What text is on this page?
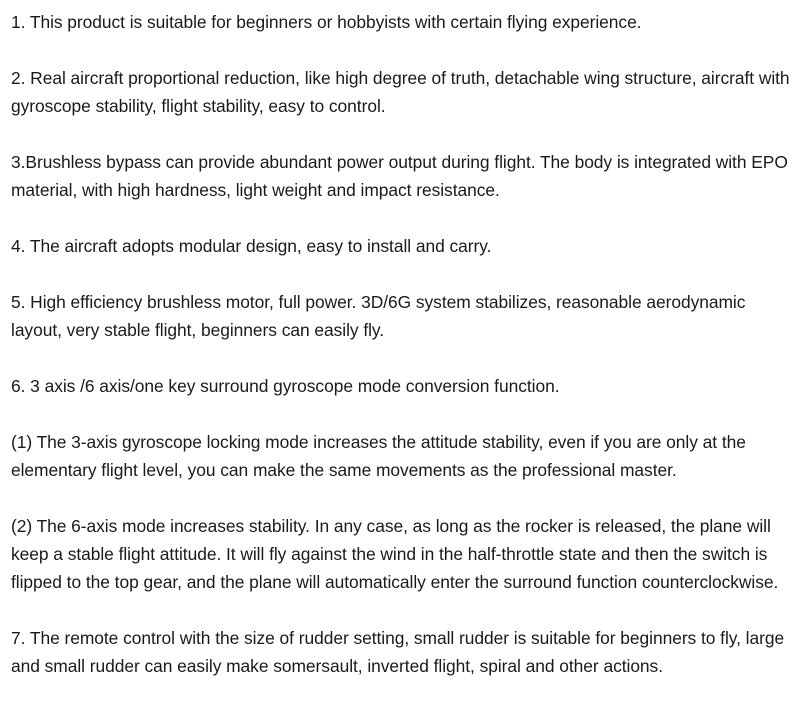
1. This product is suitable for beginners or hobbyists with certain flying experience.

2. Real aircraft proportional reduction, like high degree of truth, detachable wing structure, aircraft with gyroscope stability, flight stability, easy to control.

3.Brushless bypass can provide abundant power output during flight. The body is integrated with EPO material, with high hardness, light weight and impact resistance.

4. The aircraft adopts modular design, easy to install and carry.

5. High efficiency brushless motor, full power. 3D/6G system stabilizes, reasonable aerodynamic layout, very stable flight, beginners can easily fly.

6. 3 axis /6 axis/one key surround gyroscope mode conversion function.

(1) The 3-axis gyroscope locking mode increases the attitude stability, even if you are only at the elementary flight level, you can make the same movements as the professional master.

(2) The 6-axis mode increases stability. In any case, as long as the rocker is released, the plane will keep a stable flight attitude. It will fly against the wind in the half-throttle state and then the switch is flipped to the top gear, and the plane will automatically enter the surround function counterclockwise.

7. The remote control with the size of rudder setting, small rudder is suitable for beginners to fly, large and small rudder can easily make somersault, inverted flight, spiral and other actions.
